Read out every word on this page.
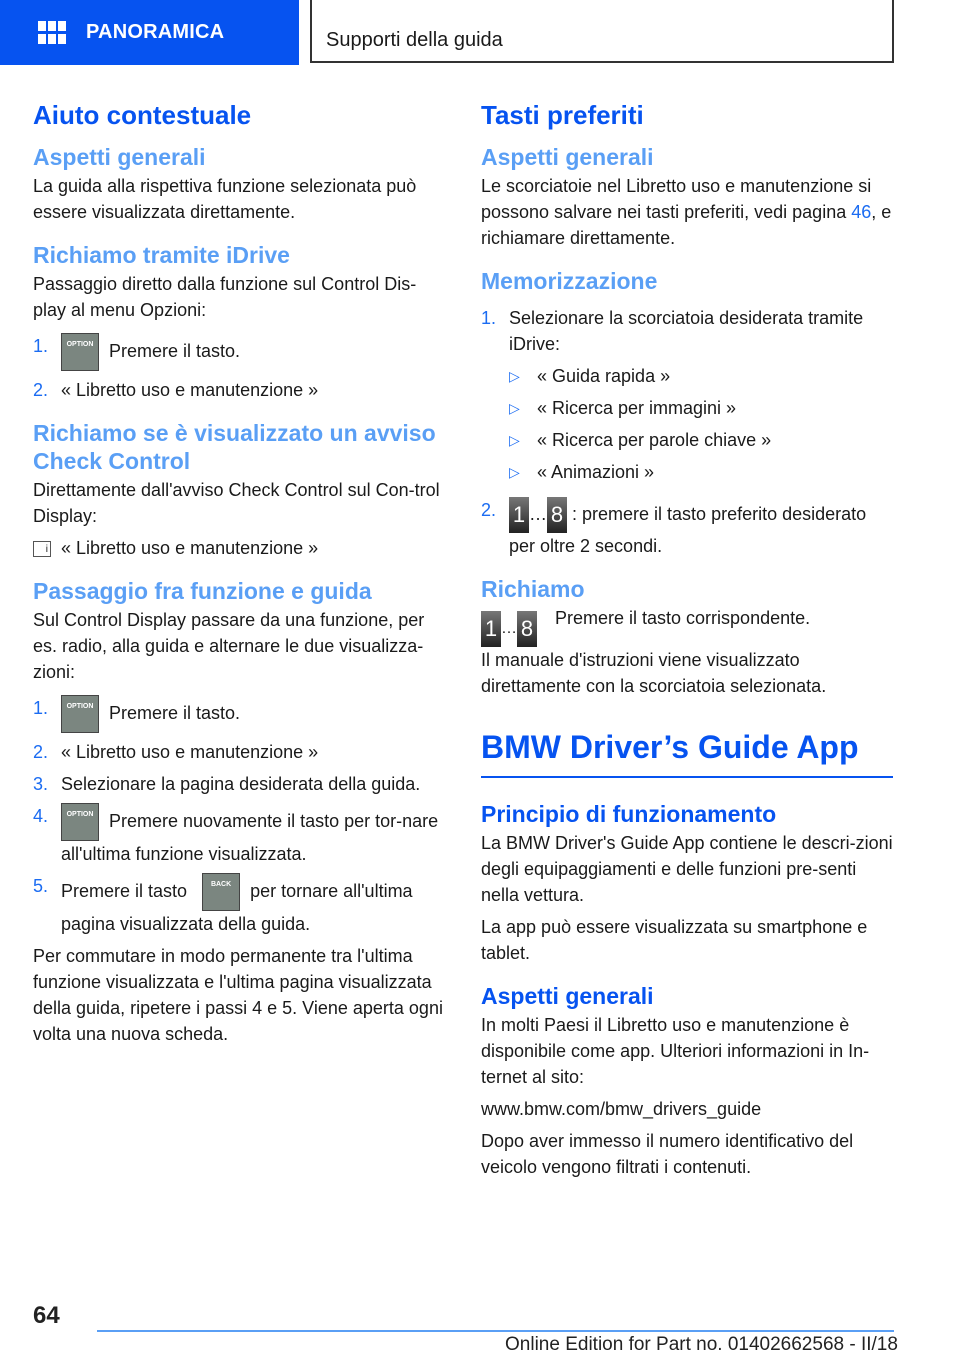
PANORAMICA	Supporti della guida
Aiuto contestuale
Aspetti generali

La guida alla rispettiva funzione selezionata può essere visualizzata direttamente.

Richiamo tramite iDrive

Passaggio diretto dalla funzione sul Control Dis-play al menu Opzioni:

1.	OPTION Premere il tasto.
2. « Libretto uso e manutenzione »
Richiamo se è visualizzato un avviso Check Control

Direttamente dall'avviso Check Control sul Con-trol Display:

i « Libretto uso e manutenzione »

Passaggio fra funzione e guida

Sul Control Display passare da una funzione, per es. radio, alla guida e alternare le due visualizza-zioni:

1.	OPTION Premere il tasto.
2. « Libretto uso e manutenzione »
3. Selezionare la pagina desiderata della guida.
4.	OPTION Premere nuovamente il tasto per tor-nare all'ultima funzione visualizzata.
5. Premere il tasto	BACK per tornare all'ultima pagina visualizzata della guida.

Per commutare in modo permanente tra l'ultima funzione visualizzata e l'ultima pagina visualizzata della guida, ripetere i passi 4 e 5. Viene aperta ogni volta una nuova scheda.

Tasti preferiti
Aspetti generali

Le scorciatoie nel Libretto uso e manutenzione si possono salvare nei tasti preferiti, vedi pagina 46, e richiamare direttamente.

Memorizzazione
1. Selezionare la scorciatoia desiderata tramite iDrive:
▷ « Guida rapida »
▷ « Ricerca per immagini »
▷ « Ricerca per parole chiave »
▷ « Animazioni »
2. 1 … 8 : premere il tasto preferito desiderato per oltre 2 secondi.
Richiamo
1 … 8	Premere il tasto corrispondente.

Il manuale d'istruzioni viene visualizzato direttamente con la scorciatoia selezionata.

BMW Driver’s Guide App
Principio di funzionamento

La BMW Driver's Guide App contiene le descri-zioni degli equipaggiamenti e delle funzioni pre-senti nella vettura.

La app può essere visualizzata su smartphone e tablet.

Aspetti generali

In molti Paesi il Libretto uso e manutenzione è disponibile come app. Ulteriori informazioni in In-ternet al sito:

www.bmw.com/bmw_drivers_guide

Dopo aver immesso il numero identificativo del veicolo vengono filtrati i contenuti.

64
Online Edition for Part no. 01402662568 - II/18
